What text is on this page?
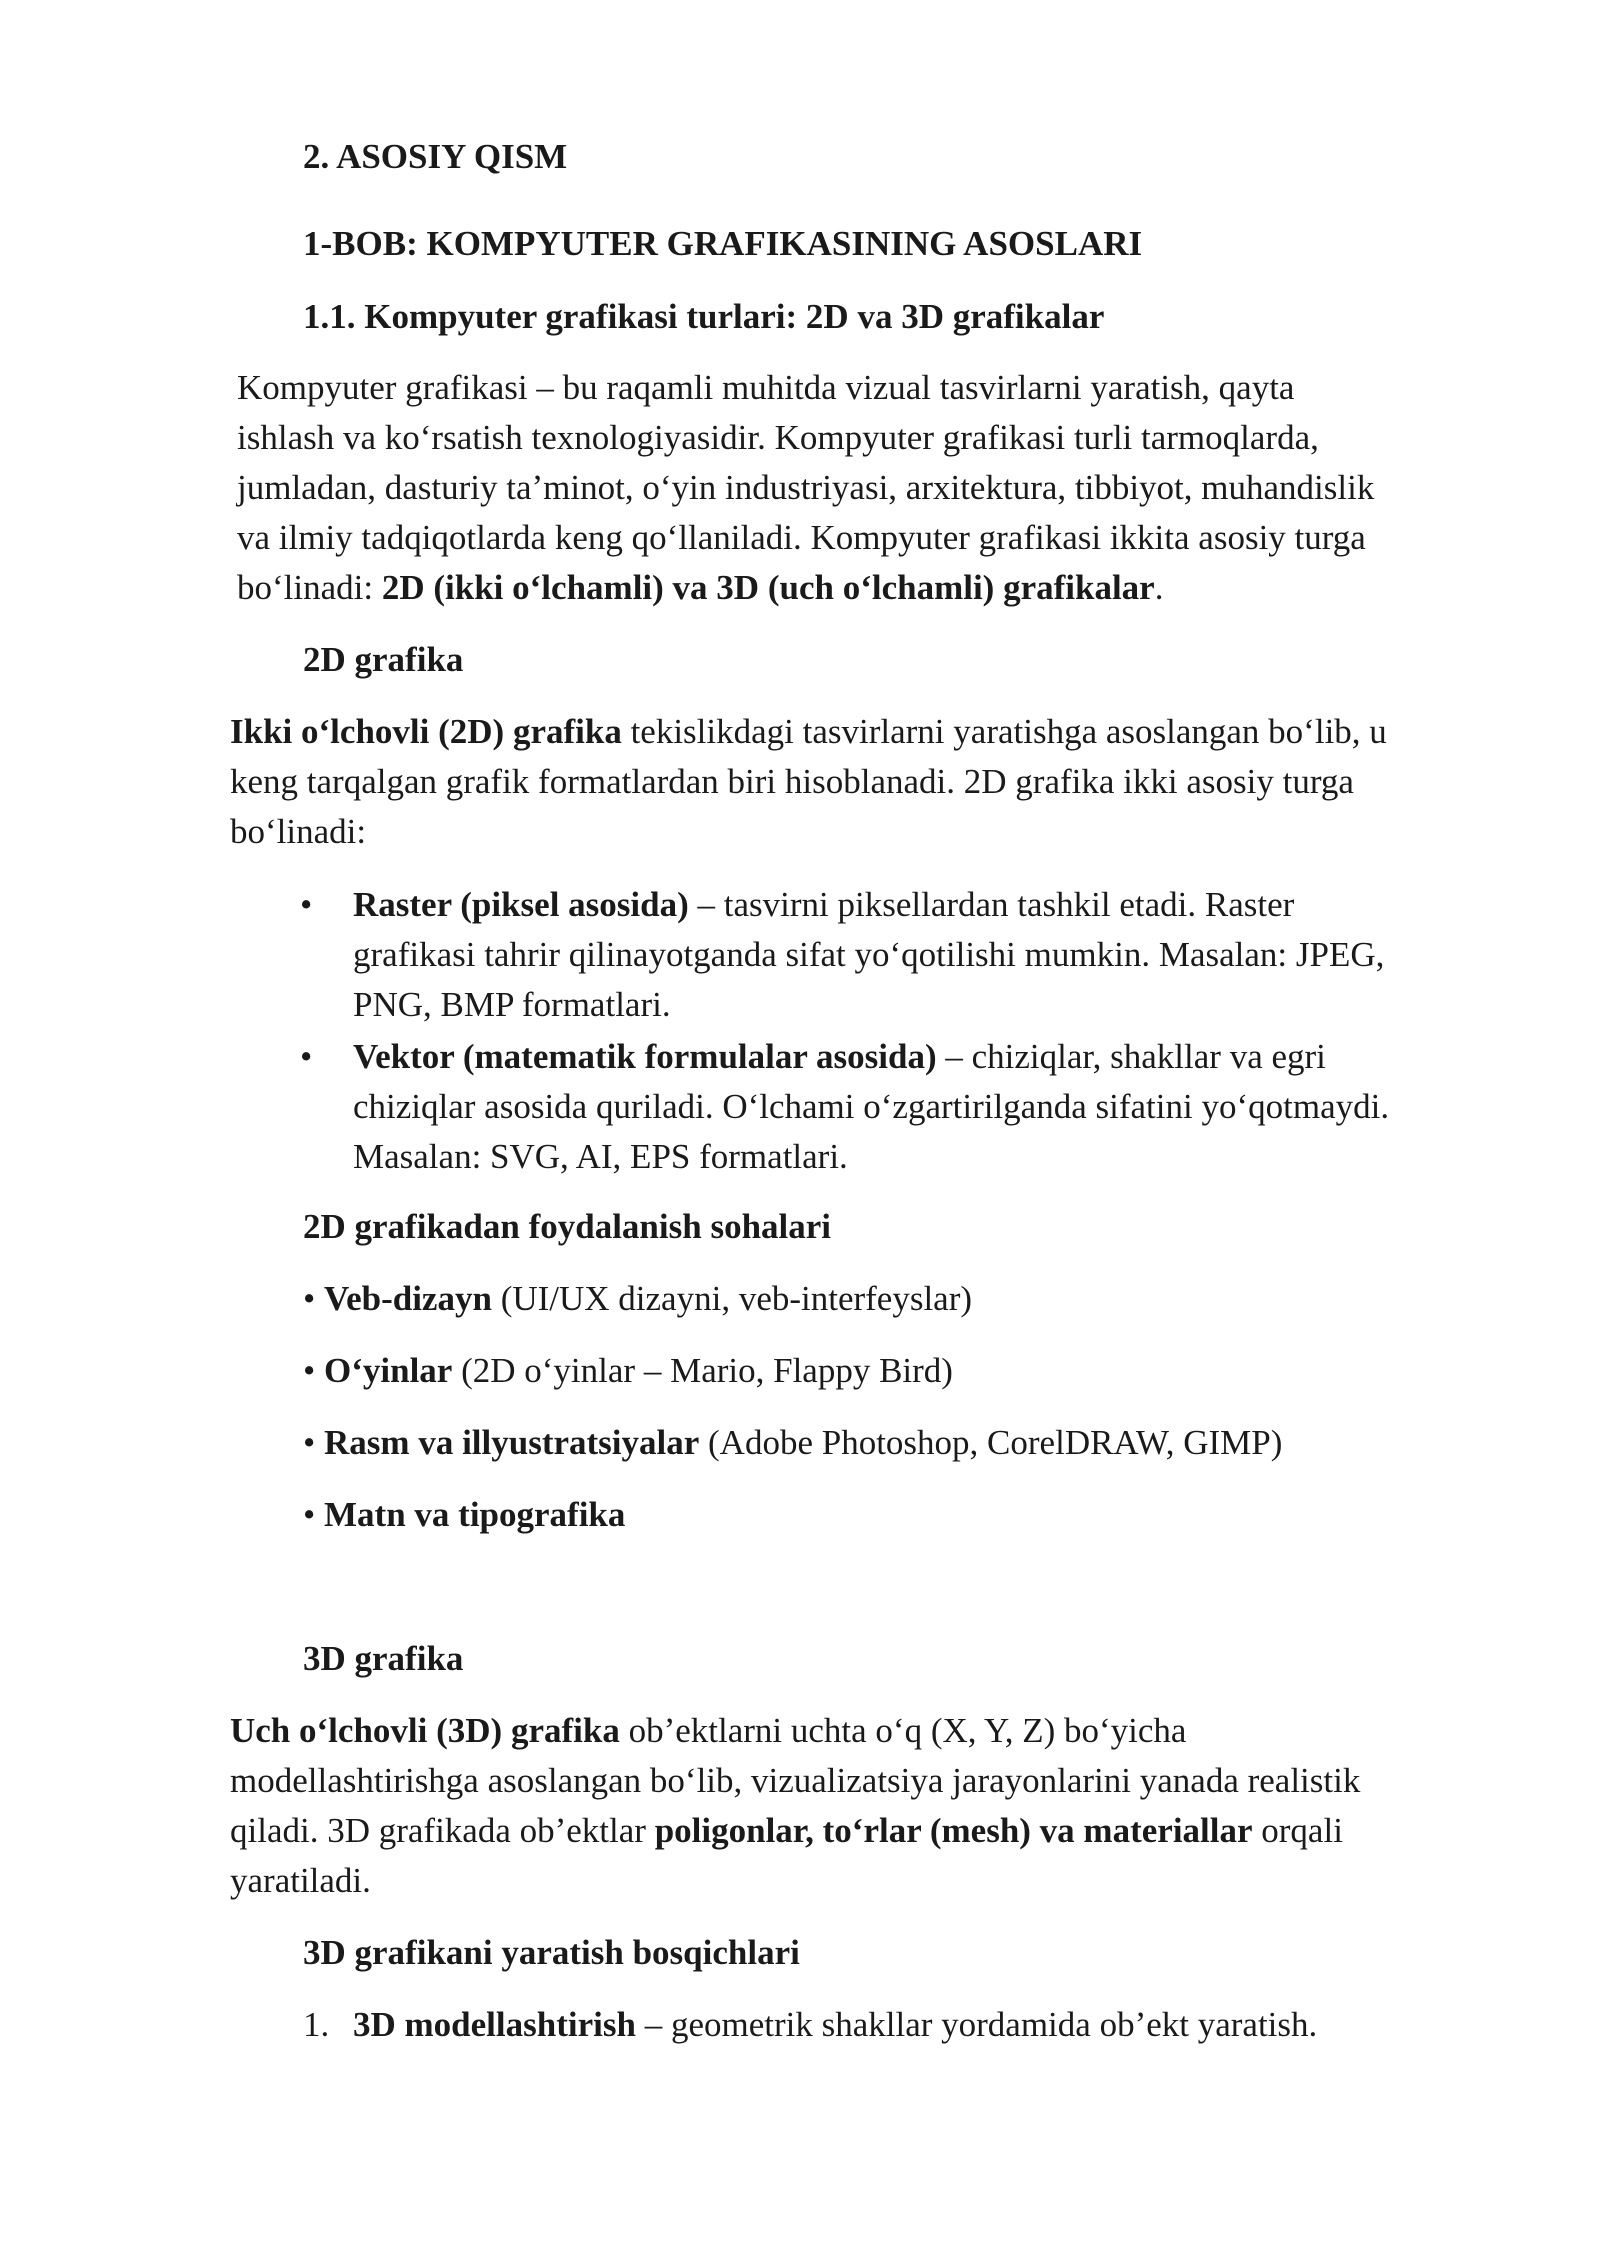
2. ASOSIY QISM

1-BOB: KOMPYUTER GRAFIKASINING ASOSLARI

1.1. Kompyuter grafikasi turlari: 2D va 3D grafikalar

Kompyuter grafikasi – bu raqamli muhitda vizual tasvirlarni yaratish, qayta

ishlash va koʻrsatish texnologiyasidir. Kompyuter grafikasi turli tarmoqlarda,

jumladan, dasturiy taʼminot, oʻyin industriyasi, arxitektura, tibbiyot, muhandislik

va ilmiy tadqiqotlarda keng qoʻllaniladi. Kompyuter grafikasi ikkita asosiy turga

boʻlinadi: 2D (ikki oʻlchamli) va 3D (uch oʻlchamli) grafikalar.

2D grafika

Ikki oʻlchovli (2D) grafika tekislikdagi tasvirlarni yaratishga asoslangan boʻlib, u

keng tarqalgan grafik formatlardan biri hisoblanadi. 2D grafika ikki asosiy turga

boʻlinadi:

• Raster (piksel asosida) – tasvirni piksellardan tashkil etadi. Raster
grafikasi tahrir qilinayotganda sifat yoʻqotilishi mumkin. Masalan: JPEG,
PNG, BMP formatlari.
• Vektor (matematik formulalar asosida) – chiziqlar, shakllar va egri
chiziqlar asosida quriladi. Oʻlchami oʻzgartirilganda sifatini yoʻqotmaydi.
Masalan: SVG, AI, EPS formatlari.

2D grafikadan foydalanish sohalari

• Veb-dizayn (UI/UX dizayni, veb-interfeyslar)
• Oʻyinlar (2D oʻyinlar – Mario, Flappy Bird)
• Rasm va illyustratsiyalar (Adobe Photoshop, CorelDRAW, GIMP)
• Matn va tipografika

3D grafika

Uch oʻlchovli (3D) grafika obʼektlarni uchta oʻq (X, Y, Z) boʻyicha

modellashtirishga asoslangan boʻlib, vizualizatsiya jarayonlarini yanada realistik

qiladi. 3D grafikada obʼektlar poligonlar, toʻrlar (mesh) va materiallar orqali

yaratiladi.

3D grafikani yaratish bosqichlari

1. 3D modellashtirish – geometrik shakllar yordamida obʼekt yaratish.
